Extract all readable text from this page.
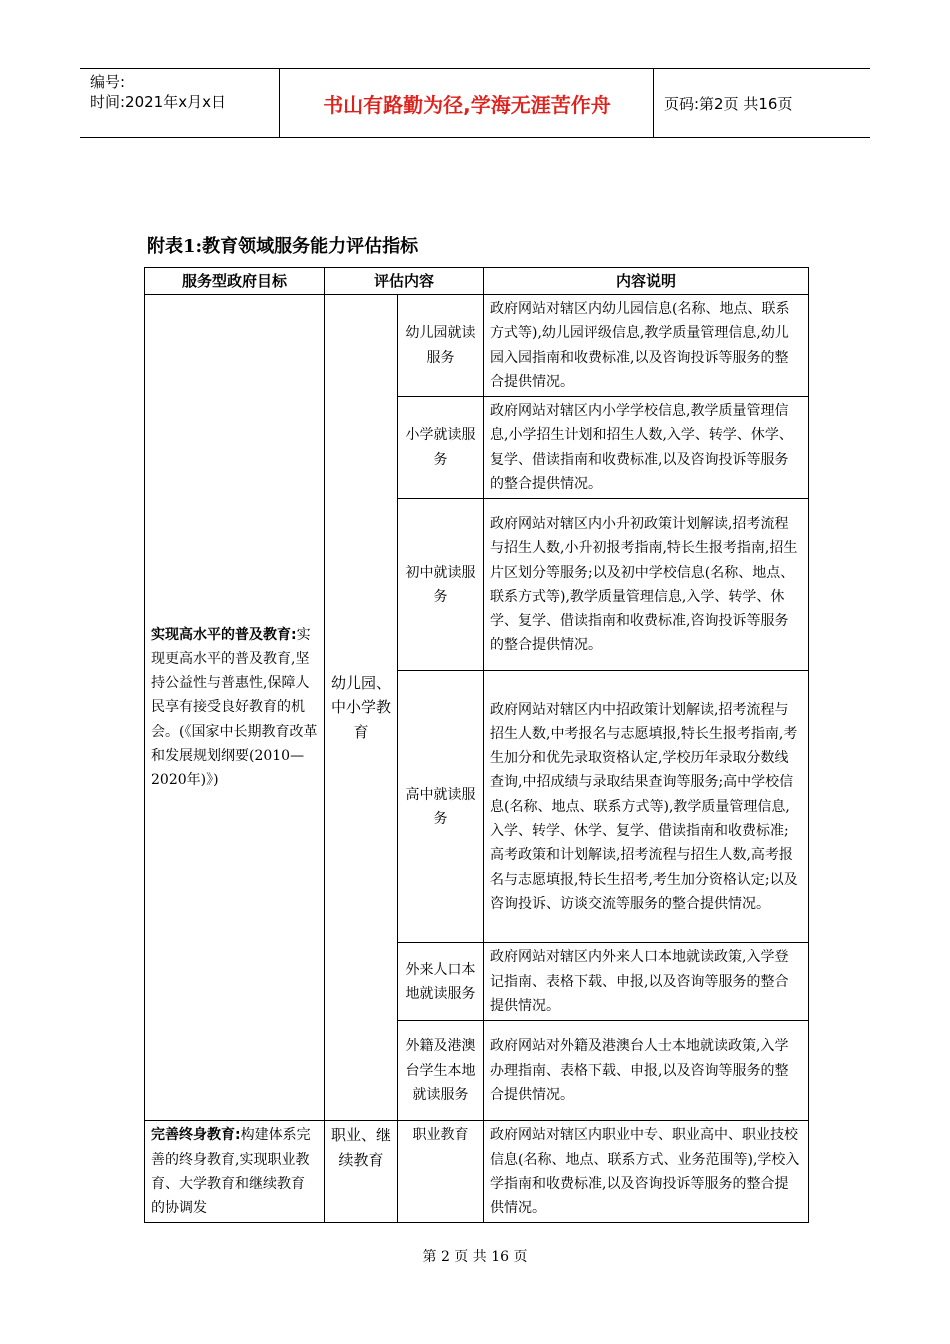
编号:
时间:2021年x月x日	书山有路勤为径,学海无涯苦作舟	页码:第2页 共16页
附表1:教育领域服务能力评估指标
服务型政府目标	评估内容		内容说明
实现高水平的普及教育:实现更高水平的普及教育,坚持公益性与普惠性,保障人民享有接受良好教育的机会。(《国家中长期教育改革和发展规划纲要(2010—2020年)》)	幼儿园、中小学教育	幼儿园就读服务	政府网站对辖区内幼儿园信息(名称、地点、联系方式等),幼儿园评级信息,教学质量管理信息,幼儿园入园指南和收费标准,以及咨询投诉等服务的整合提供情况。
		小学就读服务	政府网站对辖区内小学学校信息,教学质量管理信息,小学招生计划和招生人数,入学、转学、休学、复学、借读指南和收费标准,以及咨询投诉等服务的整合提供情况。
		初中就读服务	政府网站对辖区内小升初政策计划解读,招考流程与招生人数,小升初报考指南,特长生报考指南,招生片区划分等服务;以及初中学校信息(名称、地点、联系方式等),教学质量管理信息,入学、转学、休学、复学、借读指南和收费标准,咨询投诉等服务的整合提供情况。
		高中就读服务	政府网站对辖区内中招政策计划解读,招考流程与招生人数,中考报名与志愿填报,特长生报考指南,考生加分和优先录取资格认定,学校历年录取分数线查询,中招成绩与录取结果查询等服务;高中学校信息(名称、地点、联系方式等),教学质量管理信息,入学、转学、休学、复学、借读指南和收费标准;高考政策和计划解读,招考流程与招生人数,高考报名与志愿填报,特长生招考,考生加分资格认定;以及咨询投诉、访谈交流等服务的整合提供情况。
		外来人口本地就读服务	政府网站对辖区内外来人口本地就读政策,入学登记指南、表格下载、申报,以及咨询等服务的整合提供情况。
		外籍及港澳台学生本地就读服务	政府网站对外籍及港澳台人士本地就读政策,入学办理指南、表格下载、申报,以及咨询等服务的整合提供情况。
完善终身教育:构建体系完善的终身教育,实现职业教育、大学教育和继续教育的协调发	职业、继续教育	职业教育	政府网站对辖区内职业中专、职业高中、职业技校信息(名称、地点、联系方式、业务范围等),学校入学指南和收费标准,以及咨询投诉等服务的整合提供情况。
第 2 页 共 16 页
